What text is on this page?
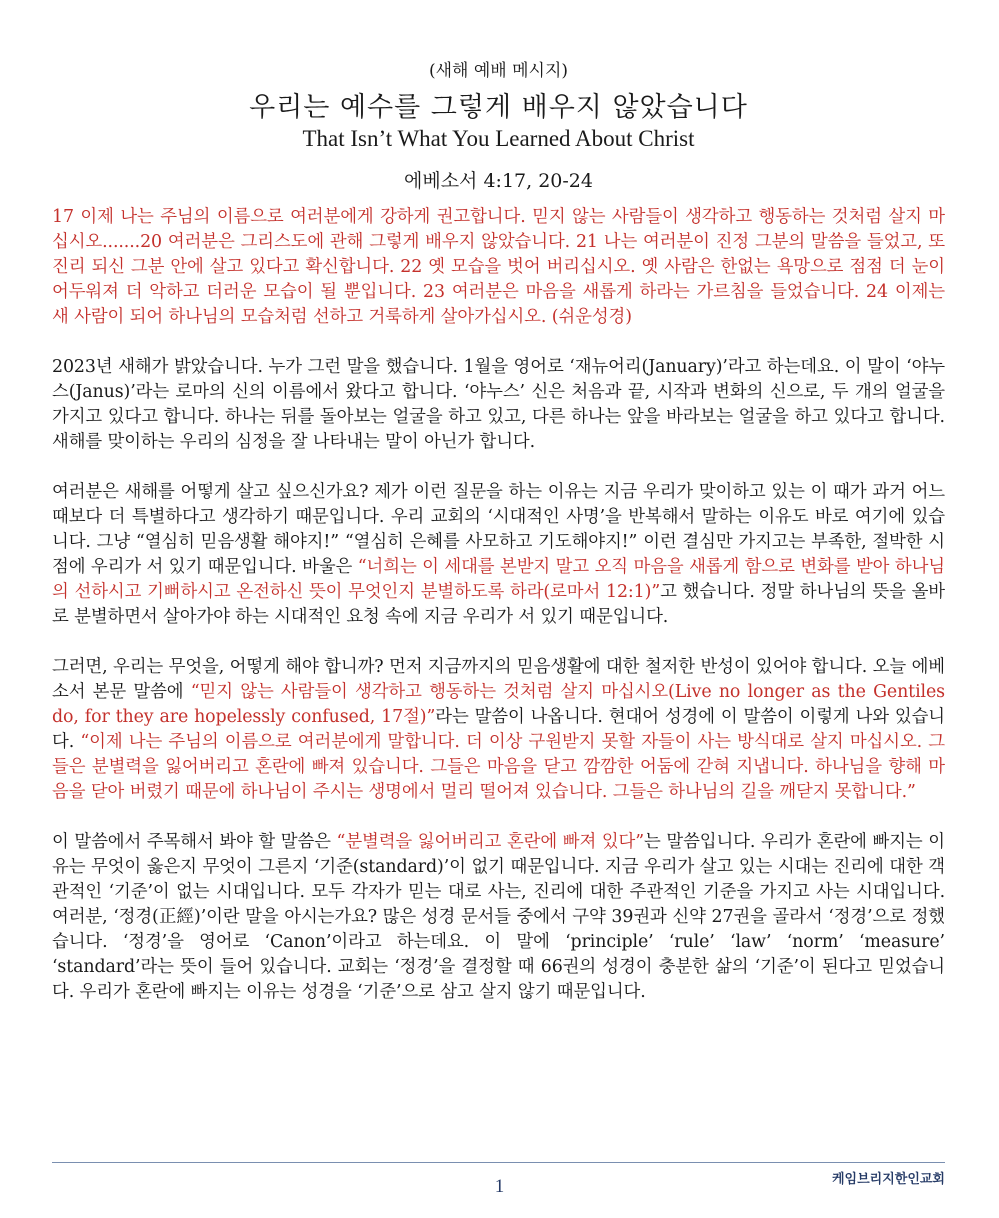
(새해 예배 메시지)

우리는 예수를 그렇게 배우지 않았습니다

That Isn’t What You Learned About Christ

에베소서 4:17, 20-24

17 이제 나는 주님의 이름으로 여러분에게 강하게 권고합니다. 믿지 않는 사람들이 생각하고 행동하는 것처럼 살지 마십시오.......20 여러분은 그리스도에 관해 그렇게 배우지 않았습니다. 21 나는 여러분이 진정 그분의 말씀을 들었고, 또 진리 되신 그분 안에 살고 있다고 확신합니다. 22 옛 모습을 벗어 버리십시오. 옛 사람은 한없는 욕망으로 점점 더 눈이 어두워져 더 악하고 더러운 모습이 될 뿐입니다. 23 여러분은 마음을 새롭게 하라는 가르침을 들었습니다. 24 이제는 새 사람이 되어 하나님의 모습처럼 선하고 거룩하게 살아가십시오. (쉬운성경)

2023년 새해가 밝았습니다. 누가 그런 말을 했습니다. 1월을 영어로 ‘재뉴어리(January)’라고 하는데요. 이 말이 ‘야누스(Janus)’라는 로마의 신의 이름에서 왔다고 합니다. ‘야누스’ 신은 처음과 끝, 시작과 변화의 신으로, 두 개의 얼굴을 가지고 있다고 합니다. 하나는 뒤를 돌아보는 얼굴을 하고 있고, 다른 하나는 앞을 바라보는 얼굴을 하고 있다고 합니다. 새해를 맞이하는 우리의 심정을 잘 나타내는 말이 아닌가 합니다.

여러분은 새해를 어떻게 살고 싶으신가요? 제가 이런 질문을 하는 이유는 지금 우리가 맞이하고 있는 이 때가 과거 어느 때보다 더 특별하다고 생각하기 때문입니다. 우리 교회의 ‘시대적인 사명’을 반복해서 말하는 이유도 바로 여기에 있습니다. 그냥 “열심히 믿음생활 해야지!” “열심히 은혜를 사모하고 기도해야지!” 이런 결심만 가지고는 부족한, 절박한 시점에 우리가 서 있기 때문입니다. 바울은 “너희는 이 세대를 본받지 말고 오직 마음을 새롭게 함으로 변화를 받아 하나님의 선하시고 기뻐하시고 온전하신 뜻이 무엇인지 분별하도록 하라(로마서 12:1)”고 했습니다. 정말 하나님의 뜻을 올바로 분별하면서 살아가야 하는 시대적인 요청 속에 지금 우리가 서 있기 때문입니다.

그러면, 우리는 무엇을, 어떻게 해야 합니까? 먼저 지금까지의 믿음생활에 대한 철저한 반성이 있어야 합니다. 오늘 에베소서 본문 말씀에 “믿지 않는 사람들이 생각하고 행동하는 것처럼 살지 마십시오(Live no longer as the Gentiles do, for they are hopelessly confused, 17절)”라는 말씀이 나옵니다. 현대어 성경에 이 말씀이 이렇게 나와 있습니다. “이제 나는 주님의 이름으로 여러분에게 말합니다. 더 이상 구원받지 못할 자들이 사는 방식대로 살지 마십시오. 그들은 분별력을 잃어버리고 혼란에 빠져 있습니다. 그들은 마음을 닫고 깜깜한 어둠에 갇혀 지냅니다. 하나님을 향해 마음을 닫아 버렸기 때문에 하나님이 주시는 생명에서 멀리 떨어져 있습니다. 그들은 하나님의 길을 깨닫지 못합니다.”

이 말씀에서 주목해서 봐야 할 말씀은 “분별력을 잃어버리고 혼란에 빠져 있다”는 말씀입니다. 우리가 혼란에 빠지는 이유는 무엇이 옳은지 무엇이 그른지 ‘기준(standard)’이 없기 때문입니다. 지금 우리가 살고 있는 시대는 진리에 대한 객관적인 ‘기준’이 없는 시대입니다. 모두 각자가 믿는 대로 사는, 진리에 대한 주관적인 기준을 가지고 사는 시대입니다. 여러분, ‘정경(正經)’이란 말을 아시는가요? 많은 성경 문서들 중에서 구약 39권과 신약 27권을 골라서 ‘정경’으로 정했습니다. ‘정경’을 영어로 ‘Canon’이라고 하는데요. 이 말에 ‘principle’ ‘rule’ ‘law’ ‘norm’ ‘measure’ ‘standard’라는 뜻이 들어 있습니다. 교회는 ‘정경’을 결정할 때 66권의 성경이 충분한 삶의 ‘기준’이 된다고 믿었습니다. 우리가 혼란에 빠지는 이유는 성경을 ‘기준’으로 삼고 살지 않기 때문입니다.

케임브리지한인교회
1
